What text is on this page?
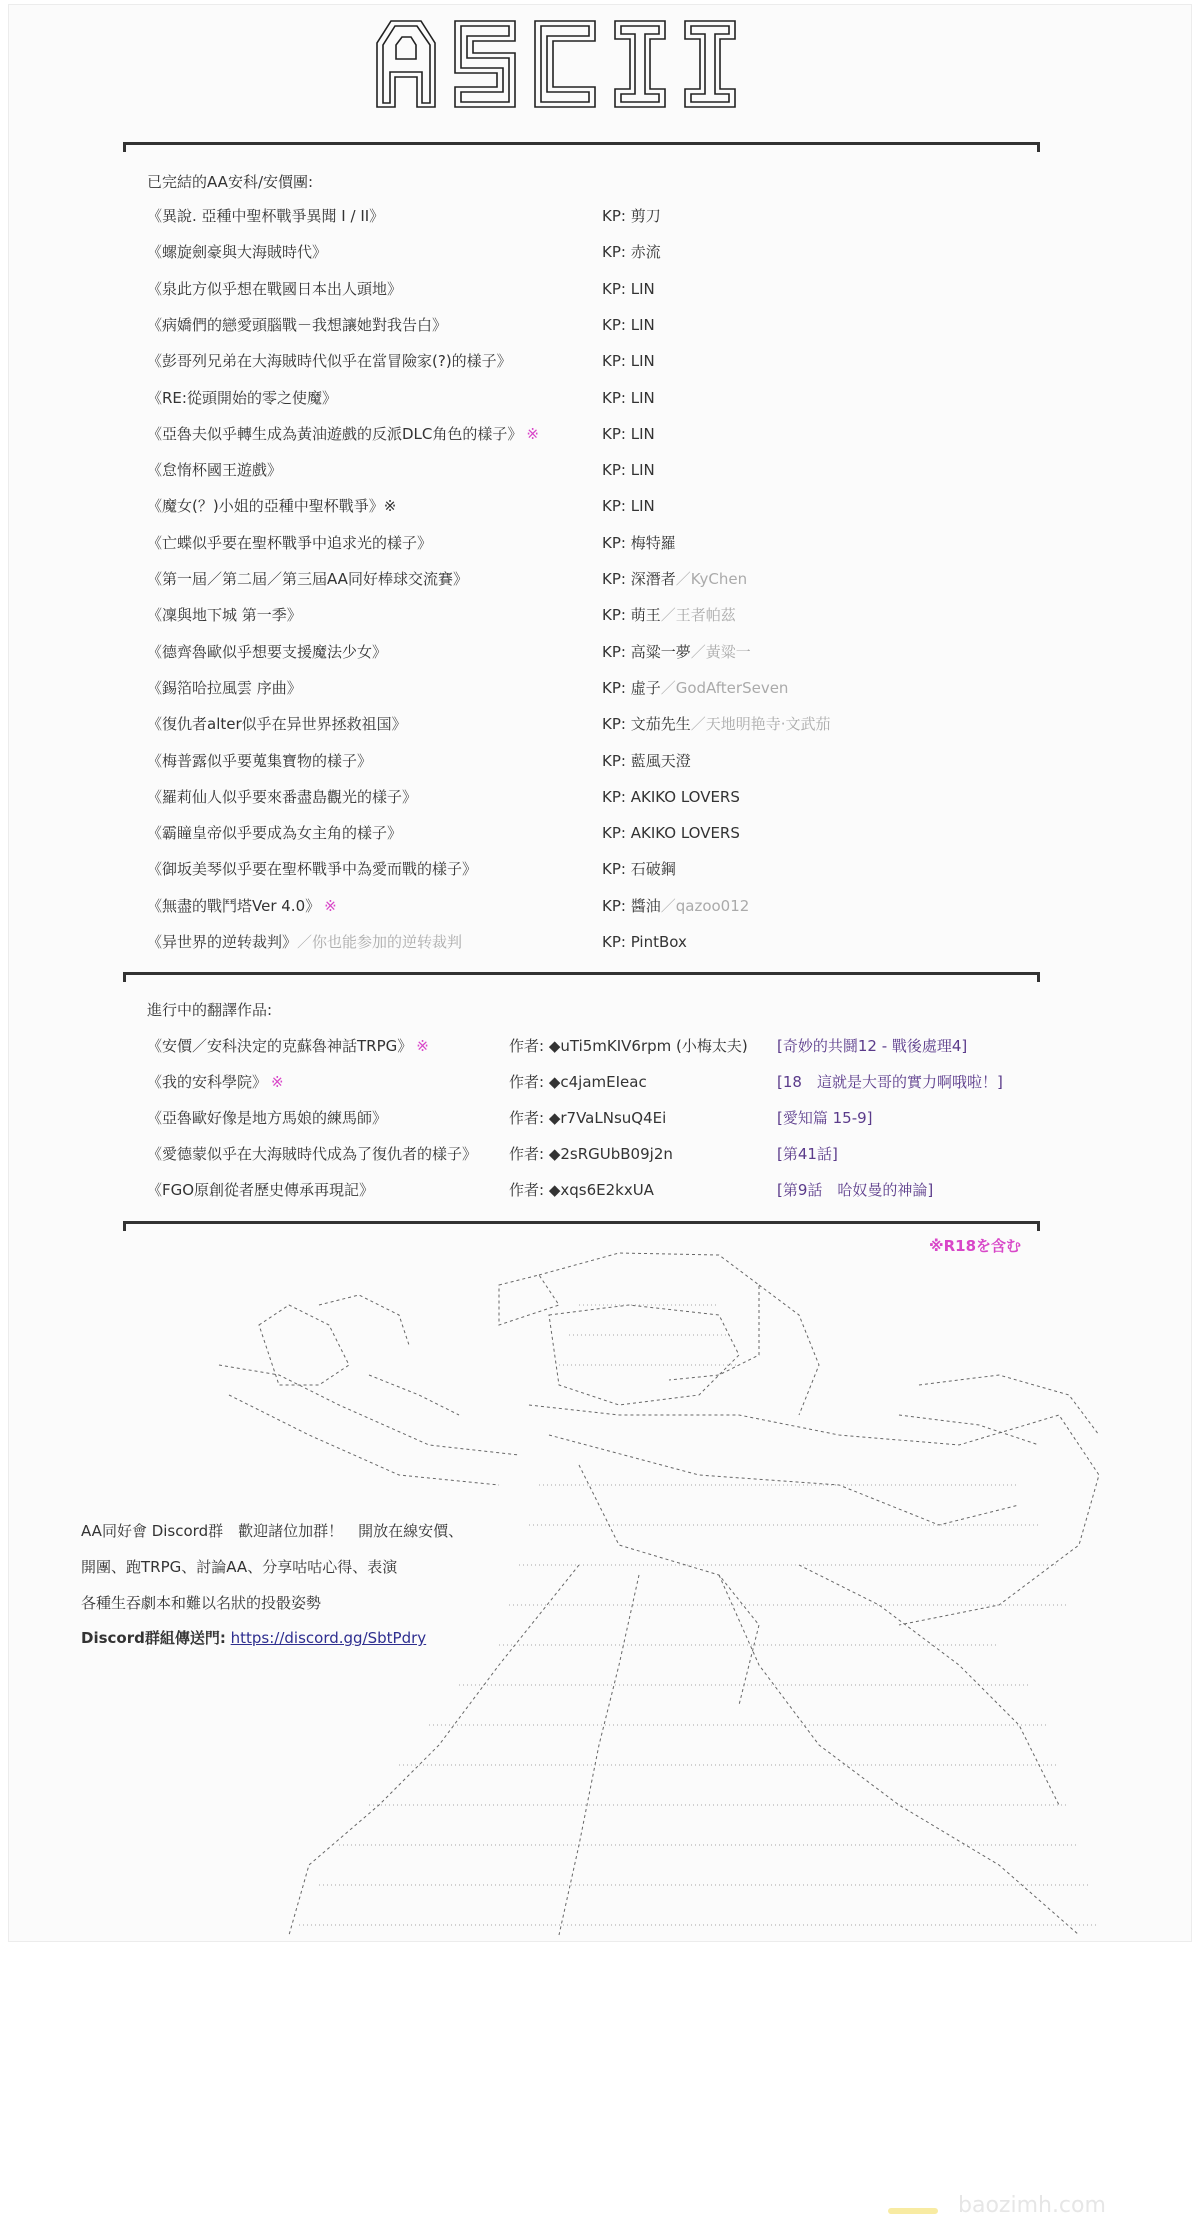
已完結的AA安科/安價團:
《異說. 亞種中聖杯戰爭異聞 I / II》	KP: 剪刀
《螺旋劍豪與大海賊時代》	KP: 赤流
《泉此方似乎想在戰國日本出人頭地》	KP: LIN
《病嬌們的戀愛頭腦戰－我想讓她對我告白》	KP: LIN
《彭哥列兄弟在大海賊時代似乎在當冒險家(?)的樣子》	KP: LIN
《RE:從頭開始的零之使魔》	KP: LIN
《亞魯夫似乎轉生成為黃油遊戲的反派DLC角色的樣子》 ※	KP: LIN
《怠惰杯國王遊戲》	KP: LIN
《魔女(？)小姐的亞種中聖杯戰爭》※	KP: LIN
《亡蝶似乎要在聖杯戰爭中追求光的樣子》	KP: 梅特羅
《第一屆／第二屆／第三屆AA同好棒球交流賽》	KP: 深潛者／KyChen
《凜與地下城 第一季》	KP: 萌王／王者帕茲
《德齊魯歐似乎想要支援魔法少女》	KP: 高粱一夢／黃粱一
《錫箔哈拉風雲 序曲》	KP: 虛子／GodAfterSeven
《復仇者alter似乎在异世界拯救祖国》	KP: 文茄先生／天地明艳寺·文武茄
《梅普露似乎要蒐集寶物的樣子》	KP: 藍風天澄
《羅莉仙人似乎要來番盡島觀光的樣子》	KP: AKIKO LOVERS
《霸瞳皇帝似乎要成為女主角的樣子》	KP: AKIKO LOVERS
《御坂美琴似乎要在聖杯戰爭中為愛而戰的樣子》	KP: 石破鋼
《無盡的戰鬥塔Ver 4.0》 ※	KP: 醬油／qazoo012
《异世界的逆转裁判》／你也能参加的逆转裁判	KP: PintBox
進行中的翻譯作品:
《安價／安科決定的克蘇魯神話TRPG》 ※	作者: ◆uTi5mKIV6rpm (小梅太夫) [奇妙的共鬪12 - 戰後處理4]
《我的安科學院》 ※	作者: ◆c4jamEIeac	[18　這就是大哥的實力啊哦啦！]
《亞魯歐好像是地方馬娘的練馬師》	作者: ◆r7VaLNsuQ4Ei	[愛知篇 15-9]
《愛德蒙似乎在大海賊時代成為了復仇者的樣子》 作者: ◆2sRGUbB09j2n	[第41話]
《FGO原創從者歷史傳承再現記》	作者: ◆xqs6E2kxUA	[第9話　哈奴曼的神論]
※R18を含む
AA同好會 Discord群　歡迎諸位加群！　開放在線安價、
開團、跑TRPG、討論AA、分享咕咕心得、表演
各種生吞劇本和難以名狀的投骰姿勢
Discord群組傳送門: https://discord.gg/SbtPdry
baozimh.com
